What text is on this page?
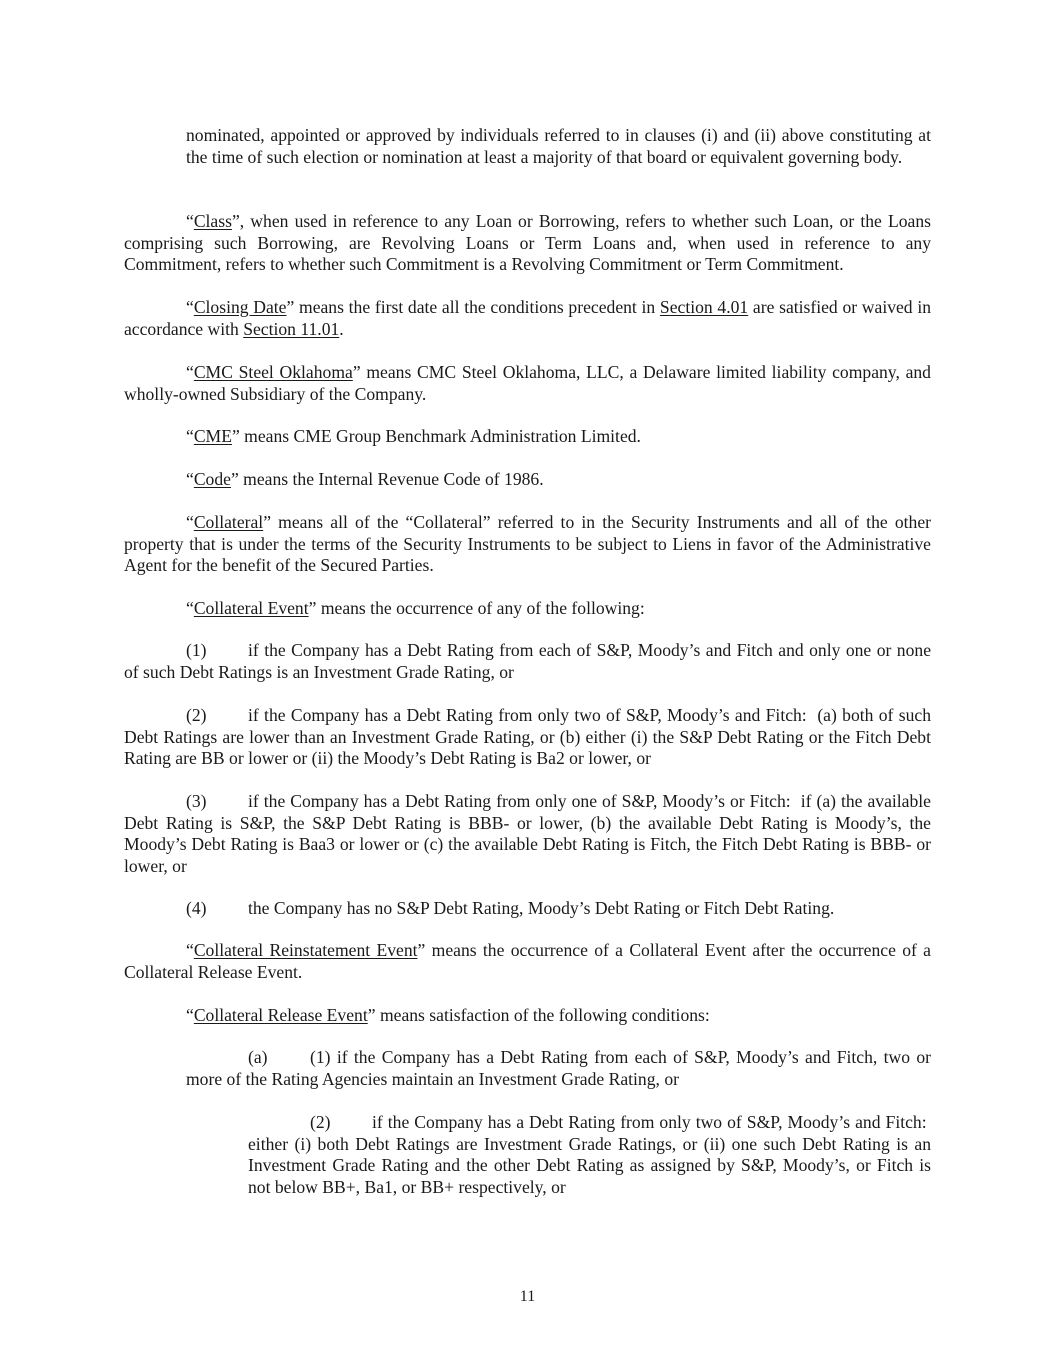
nominated, appointed or approved by individuals referred to in clauses (i) and (ii) above constituting at the time of such election or nomination at least a majority of that board or equivalent governing body.

“Class”, when used in reference to any Loan or Borrowing, refers to whether such Loan, or the Loans comprising such Borrowing, are Revolving Loans or Term Loans and, when used in reference to any Commitment, refers to whether such Commitment is a Revolving Commitment or Term Commitment.

“Closing Date” means the first date all the conditions precedent in Section 4.01 are satisfied or waived in accordance with Section 11.01.

“CMC Steel Oklahoma” means CMC Steel Oklahoma, LLC, a Delaware limited liability company, and wholly-owned Subsidiary of the Company.

“CME” means CME Group Benchmark Administration Limited.

“Code” means the Internal Revenue Code of 1986.

“Collateral” means all of the “Collateral” referred to in the Security Instruments and all of the other property that is under the terms of the Security Instruments to be subject to Liens in favor of the Administrative Agent for the benefit of the Secured Parties.

“Collateral Event” means the occurrence of any of the following:

(1) if the Company has a Debt Rating from each of S&P, Moody’s and Fitch and only one or none of such Debt Ratings is an Investment Grade Rating, or

(2) if the Company has a Debt Rating from only two of S&P, Moody’s and Fitch:  (a) both of such Debt Ratings are lower than an Investment Grade Rating, or (b) either (i) the S&P Debt Rating or the Fitch Debt Rating are BB or lower or (ii) the Moody’s Debt Rating is Ba2 or lower, or

(3) if the Company has a Debt Rating from only one of S&P, Moody’s or Fitch:  if (a) the available Debt Rating is S&P, the S&P Debt Rating is BBB- or lower, (b) the available Debt Rating is Moody’s, the Moody’s Debt Rating is Baa3 or lower or (c) the available Debt Rating is Fitch, the Fitch Debt Rating is BBB- or lower, or

(4) the Company has no S&P Debt Rating, Moody’s Debt Rating or Fitch Debt Rating.

“Collateral Reinstatement Event” means the occurrence of a Collateral Event after the occurrence of a Collateral Release Event.

“Collateral Release Event” means satisfaction of the following conditions:

(a) (1) if the Company has a Debt Rating from each of S&P, Moody’s and Fitch, two or more of the Rating Agencies maintain an Investment Grade Rating, or

(2) if the Company has a Debt Rating from only two of S&P, Moody’s and Fitch:  either (i) both Debt Ratings are Investment Grade Ratings, or (ii) one such Debt Rating is an Investment Grade Rating and the other Debt Rating as assigned by S&P, Moody’s, or Fitch is not below BB+, Ba1, or BB+ respectively, or

11
